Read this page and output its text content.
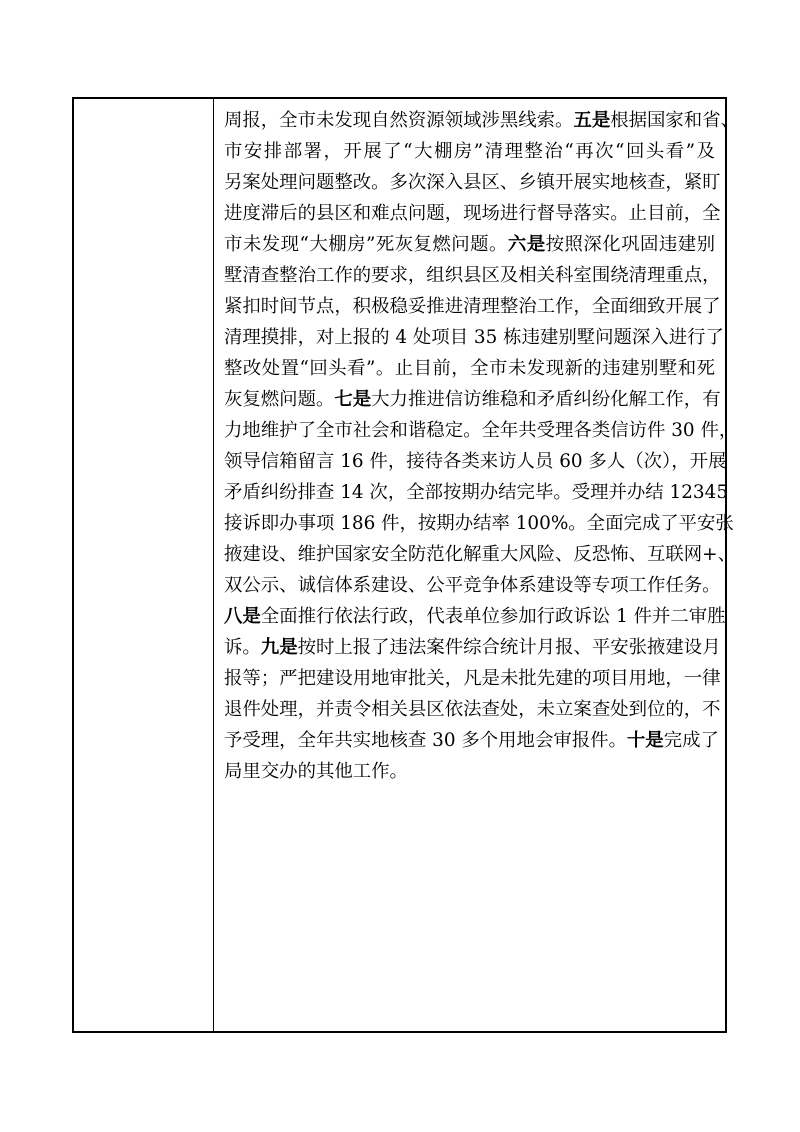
周报，全市未发现自然资源领域涉黑线索。五是根据国家和省、
市安排部署，开展了“大棚房”清理整治“再次“回头看”及
另案处理问题整改。多次深入县区、乡镇开展实地核查，紧盯
进度滞后的县区和难点问题，现场进行督导落实。止目前，全
市未发现“大棚房”死灰复燃问题。六是按照深化巩固违建别
墅清查整治工作的要求，组织县区及相关科室围绕清理重点，
紧扣时间节点，积极稳妥推进清理整治工作，全面细致开展了
清理摸排，对上报的 4 处项目 35 栋违建别墅问题深入进行了
整改处置“回头看”。止目前，全市未发现新的违建别墅和死
灰复燃问题。七是大力推进信访维稳和矛盾纠纷化解工作，有
力地维护了全市社会和谐稳定。全年共受理各类信访件 30 件，
领导信箱留言 16 件，接待各类来访人员 60 多人（次），开展
矛盾纠纷排查 14 次，全部按期办结完毕。受理并办结 12345
接诉即办事项 186 件，按期办结率 100%。全面完成了平安张
掖建设、维护国家安全防范化解重大风险、反恐怖、互联网+、
双公示、诚信体系建设、公平竞争体系建设等专项工作任务。
八是全面推行依法行政，代表单位参加行政诉讼 1 件并二审胜
诉。九是按时上报了违法案件综合统计月报、平安张掖建设月
报等；严把建设用地审批关，凡是未批先建的项目用地，一律
退件处理，并责令相关县区依法查处，未立案查处到位的，不
予受理，全年共实地核查 30 多个用地会审报件。十是完成了
局里交办的其他工作。
